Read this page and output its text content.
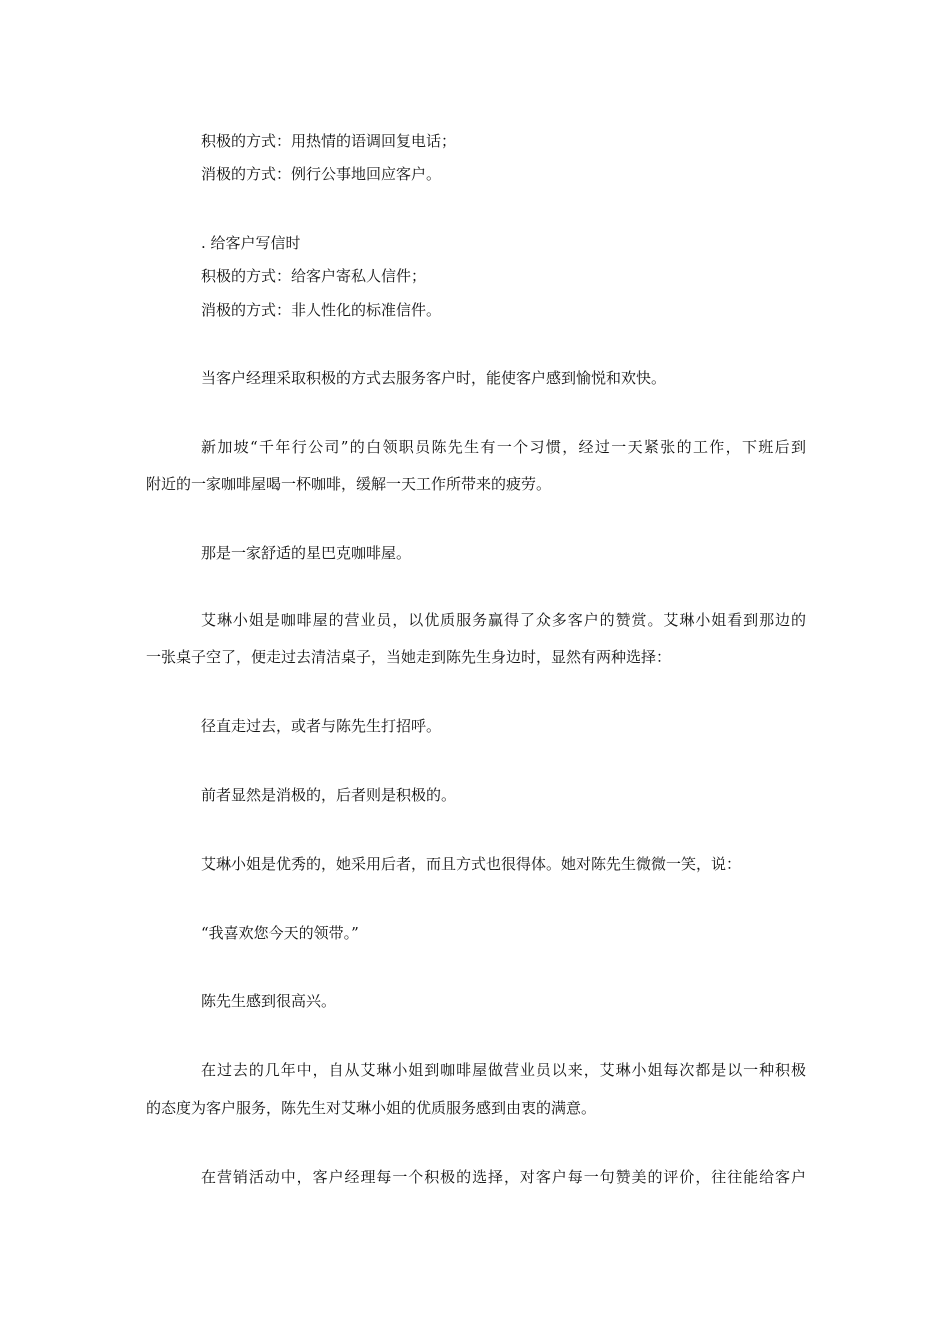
积极的方式：用热情的语调回复电话；
消极的方式：例行公事地回应客户。
. 给客户写信时
积极的方式：给客户寄私人信件；
消极的方式：非人性化的标准信件。
当客户经理采取积极的方式去服务客户时，能使客户感到愉悦和欢快。
新加坡“千年行公司”的白领职员陈先生有一个习惯，经过一天紧张的工作，下班后到
附近的一家咖啡屋喝一杯咖啡，缓解一天工作所带来的疲劳。
那是一家舒适的星巴克咖啡屋。
艾琳小姐是咖啡屋的营业员，以优质服务赢得了众多客户的赞赏。艾琳小姐看到那边的
一张桌子空了，便走过去清洁桌子，当她走到陈先生身边时，显然有两种选择：
径直走过去，或者与陈先生打招呼。
前者显然是消极的，后者则是积极的。
艾琳小姐是优秀的，她采用后者，而且方式也很得体。她对陈先生微微一笑，说：
“我喜欢您今天的领带。”
陈先生感到很高兴。
在过去的几年中，自从艾琳小姐到咖啡屋做营业员以来，艾琳小姐每次都是以一种积极
的态度为客户服务，陈先生对艾琳小姐的优质服务感到由衷的满意。
在营销活动中，客户经理每一个积极的选择，对客户每一句赞美的评价，往往能给客户
